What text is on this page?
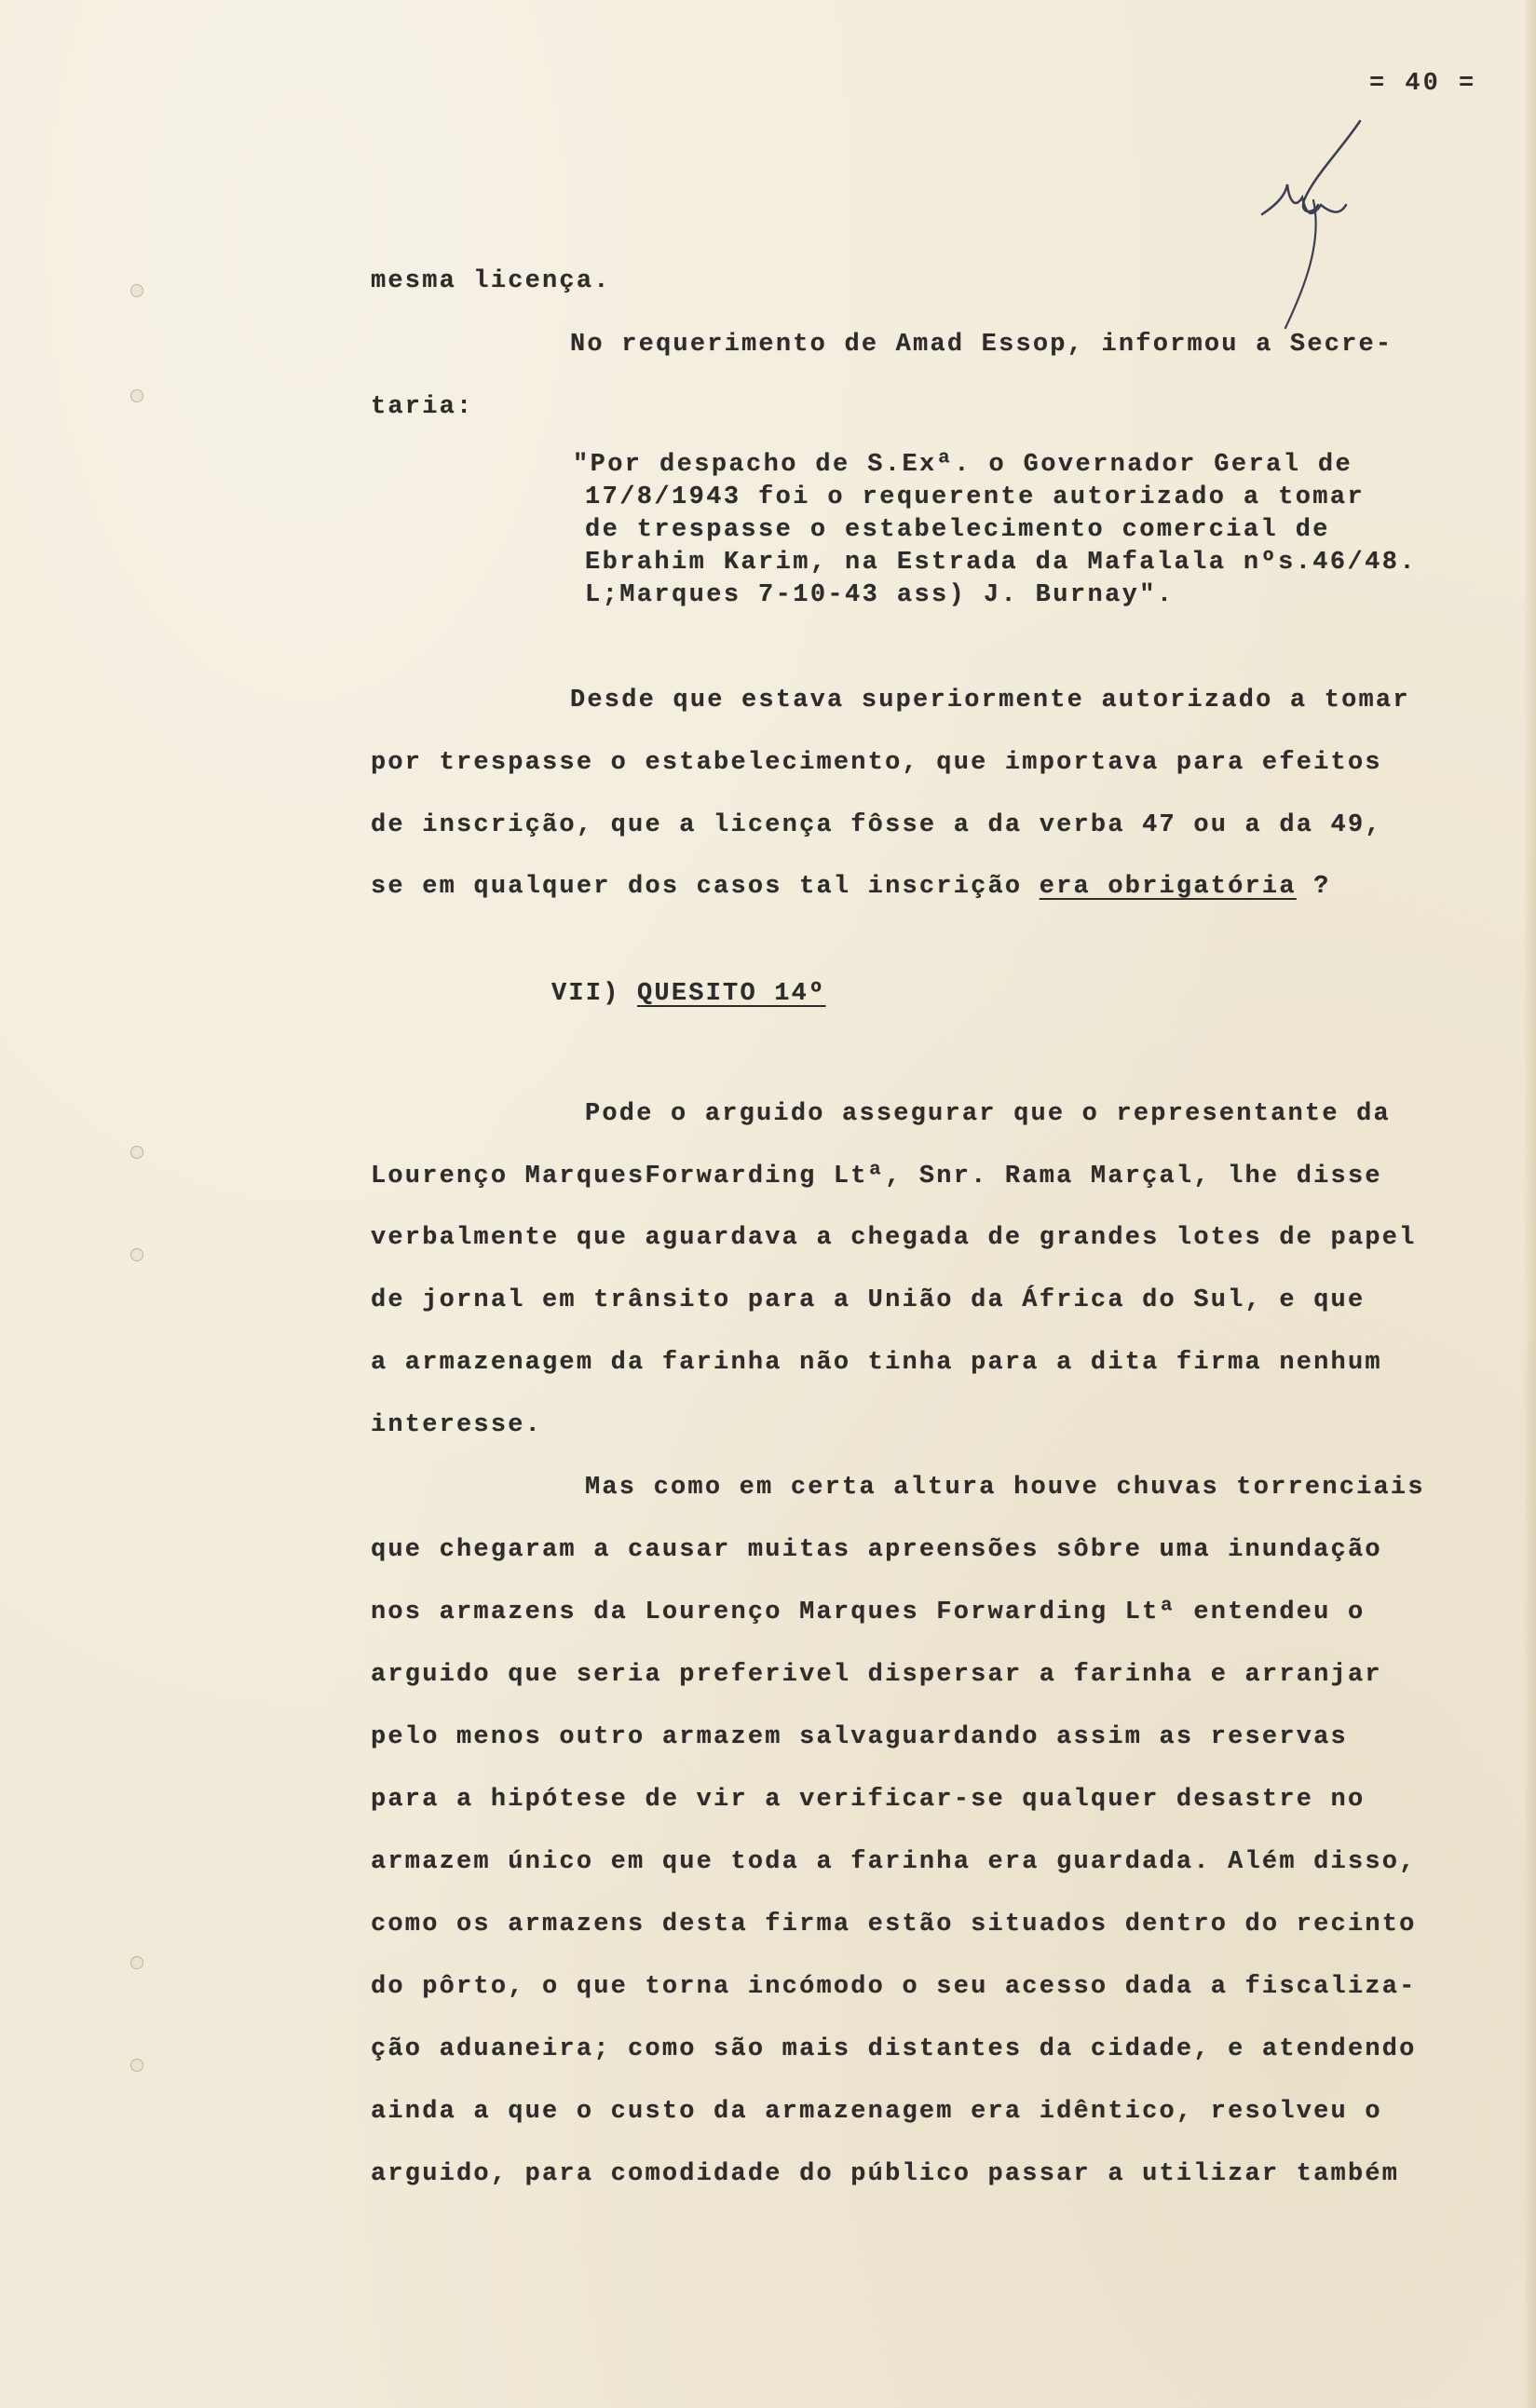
= 40 =
mesma licença.
No requerimento de Amad Essop, informou a Secre-
taria:
"Por despacho de S.Exª. o Governador Geral de
17/8/1943 foi o requerente autorizado a tomar
de trespasse o estabelecimento comercial de
Ebrahim Karim, na Estrada da Mafalala nºs.46/48.
L;Marques 7-10-43 ass) J. Burnay".
Desde que estava superiormente autorizado a tomar
por trespasse o estabelecimento, que importava para efeitos
de inscrição, que a licença fôsse a da verba 47 ou a da 49,
se em qualquer dos casos tal inscrição era obrigatória ?
VII) QUESITO 14º
Pode o arguido assegurar que o representante da
Lourenço MarquesForwarding Ltª, Snr. Rama Marçal, lhe disse
verbalmente que aguardava a chegada de grandes lotes de papel
de jornal em trânsito para a União da África do Sul, e que
a armazenagem da farinha não tinha para a dita firma nenhum
interesse.
Mas como em certa altura houve chuvas torrenciais
que chegaram a causar muitas apreensões sôbre uma inundação
nos armazens da Lourenço Marques Forwarding Ltª entendeu o
arguido que seria preferivel dispersar a farinha e arranjar
pelo menos outro armazem salvaguardando assim as reservas
para a hipótese de vir a verificar-se qualquer desastre no
armazem único em que toda a farinha era guardada. Além disso,
como os armazens desta firma estão situados dentro do recinto
do pôrto, o que torna incómodo o seu acesso dada a fiscaliza-
ção aduaneira; como são mais distantes da cidade, e atendendo
ainda a que o custo da armazenagem era idêntico, resolveu o
arguido, para comodidade do público passar a utilizar também
